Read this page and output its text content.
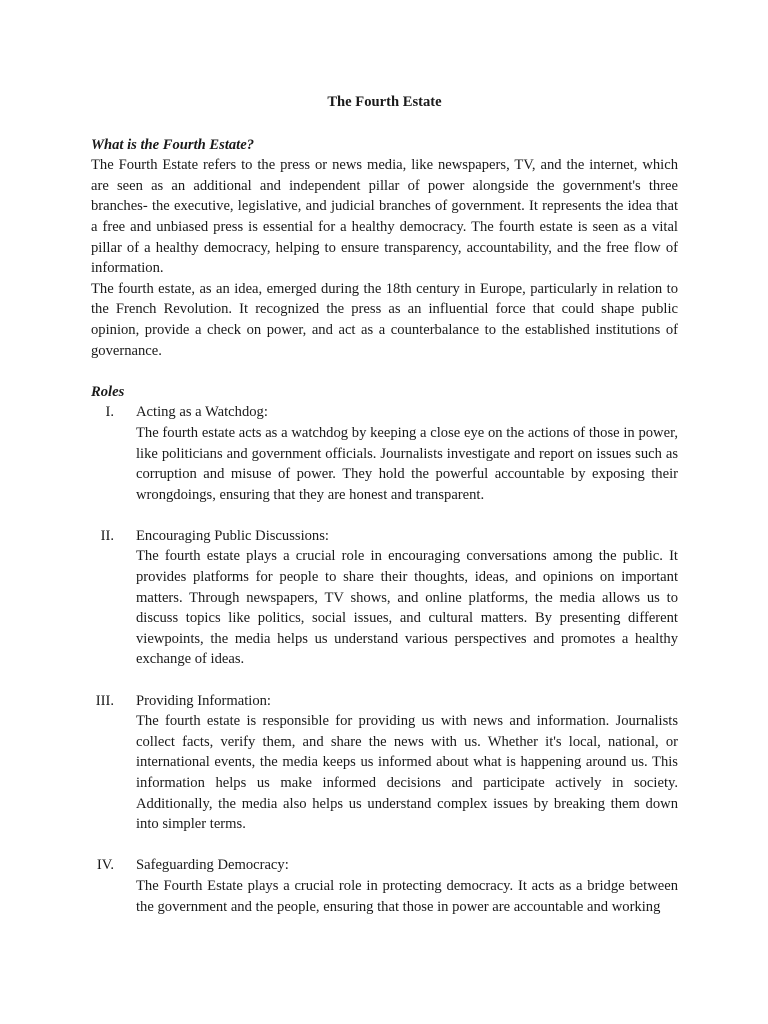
The Fourth Estate

What is the Fourth Estate?

The Fourth Estate refers to the press or news media, like newspapers, TV, and the internet, which are seen as an additional and independent pillar of power alongside the government's three branches- the executive, legislative, and judicial branches of government. It represents the idea that a free and unbiased press is essential for a healthy democracy. The fourth estate is seen as a vital pillar of a healthy democracy, helping to ensure transparency, accountability, and the free flow of information.

The fourth estate, as an idea, emerged during the 18th century in Europe, particularly in relation to the French Revolution. It recognized the press as an influential force that could shape public opinion, provide a check on power, and act as a counterbalance to the established institutions of governance.

Roles

I. Acting as a Watchdog:

The fourth estate acts as a watchdog by keeping a close eye on the actions of those in power, like politicians and government officials. Journalists investigate and report on issues such as corruption and misuse of power. They hold the powerful accountable by exposing their wrongdoings, ensuring that they are honest and transparent.

II. Encouraging Public Discussions:

The fourth estate plays a crucial role in encouraging conversations among the public. It provides platforms for people to share their thoughts, ideas, and opinions on important matters. Through newspapers, TV shows, and online platforms, the media allows us to discuss topics like politics, social issues, and cultural matters. By presenting different viewpoints, the media helps us understand various perspectives and promotes a healthy exchange of ideas.

III. Providing Information:

The fourth estate is responsible for providing us with news and information. Journalists collect facts, verify them, and share the news with us. Whether it's local, national, or international events, the media keeps us informed about what is happening around us. This information helps us make informed decisions and participate actively in society. Additionally, the media also helps us understand complex issues by breaking them down into simpler terms.

IV. Safeguarding Democracy:

The Fourth Estate plays a crucial role in protecting democracy. It acts as a bridge between the government and the people, ensuring that those in power are accountable and working
